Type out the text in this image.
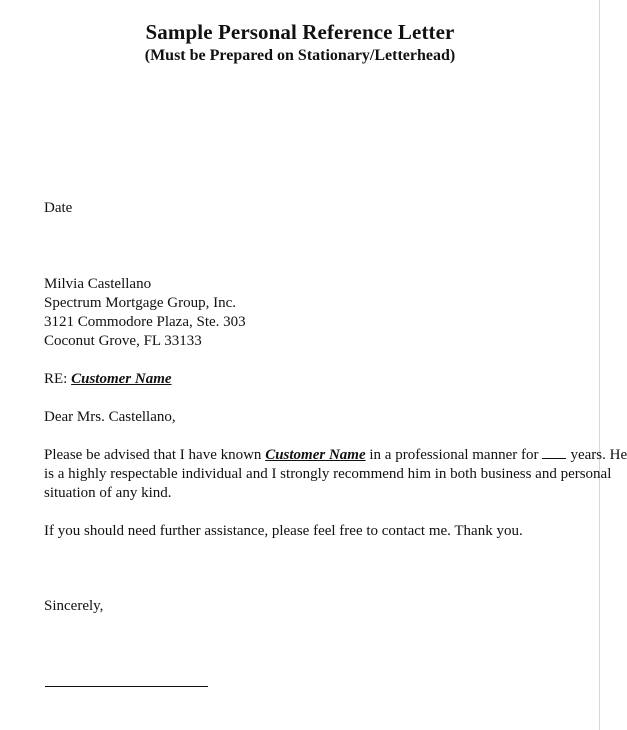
Sample Personal Reference Letter
(Must be Prepared on Stationary/Letterhead)
Date
Milvia Castellano
Spectrum Mortgage Group, Inc.
3121 Commodore Plaza, Ste. 303
Coconut Grove, FL 33133
RE: Customer Name
Dear Mrs. Castellano,
Please be advised that I have known Customer Name in a professional manner for years. He
is a highly respectable individual and I strongly recommend him in both business and personal
situation of any kind.
If you should need further assistance, please feel free to contact me. Thank you.
Sincerely,
